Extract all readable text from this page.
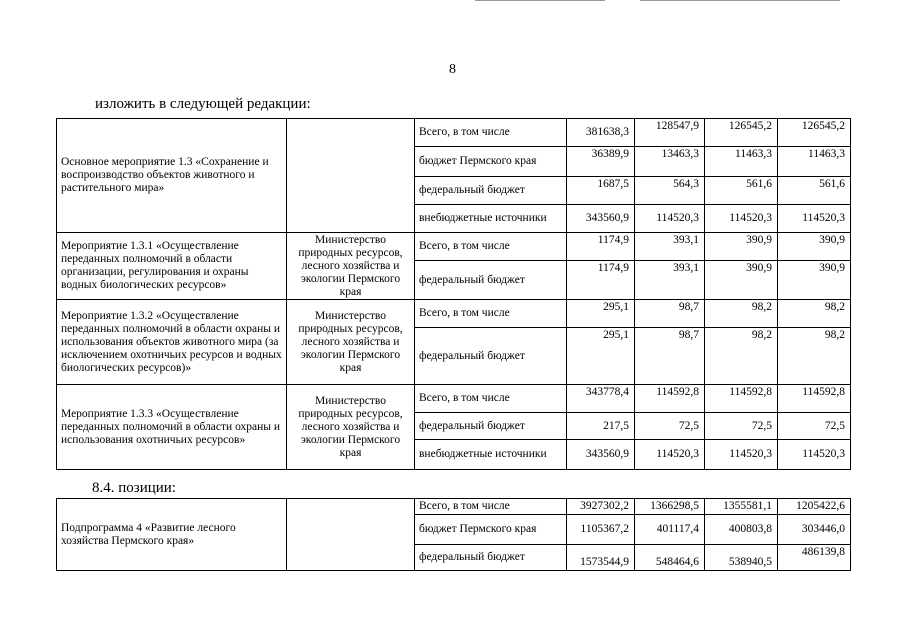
8
изложить в следующей редакции:
Основное мероприятие 1.3 «Сохранение и воспроизводство объектов животного и растительного мира»		Всего, в том числе	381638,3	128547,9	126545,2	126545,2
		бюджет Пермского края	36389,9	13463,3	11463,3	11463,3
		федеральный бюджет	1687,5	564,3	561,6	561,6
		внебюджетные источники	343560,9	114520,3	114520,3	114520,3
Мероприятие 1.3.1 «Осуществление переданных полномочий в области организации, регулирования и охраны водных биологических ресурсов»	Министерство природных ресурсов, лесного хозяйства и экологии Пермского края	Всего, в том числе	1174,9	393,1	390,9	390,9
		федеральный бюджет	1174,9	393,1	390,9	390,9
Мероприятие 1.3.2 «Осуществление переданных полномочий в области охраны и использования объектов животного мира (за исключением охотничьих ресурсов и водных биологических ресурсов)»	Министерство природных ресурсов, лесного хозяйства и экологии Пермского края	Всего, в том числе	295,1	98,7	98,2	98,2
		федеральный бюджет	295,1	98,7	98,2	98,2
Мероприятие 1.3.3 «Осуществление переданных полномочий в области охраны и использования охотничьих ресурсов»	Министерство природных ресурсов, лесного хозяйства и экологии Пермского края	Всего, в том числе	343778,4	114592,8	114592,8	114592,8
		федеральный бюджет	217,5	72,5	72,5	72,5
		внебюджетные источники	343560,9	114520,3	114520,3	114520,3
8.4. позиции:
Подпрограмма 4 «Развитие лесного хозяйства Пермского края»		Всего, в том числе	3927302,2	1366298,5	1355581,1	1205422,6
		бюджет Пермского края	1105367,2	401117,4	400803,8	303446,0
		федеральный бюджет	1573544,9	548464,6	538940,5	486139,8
